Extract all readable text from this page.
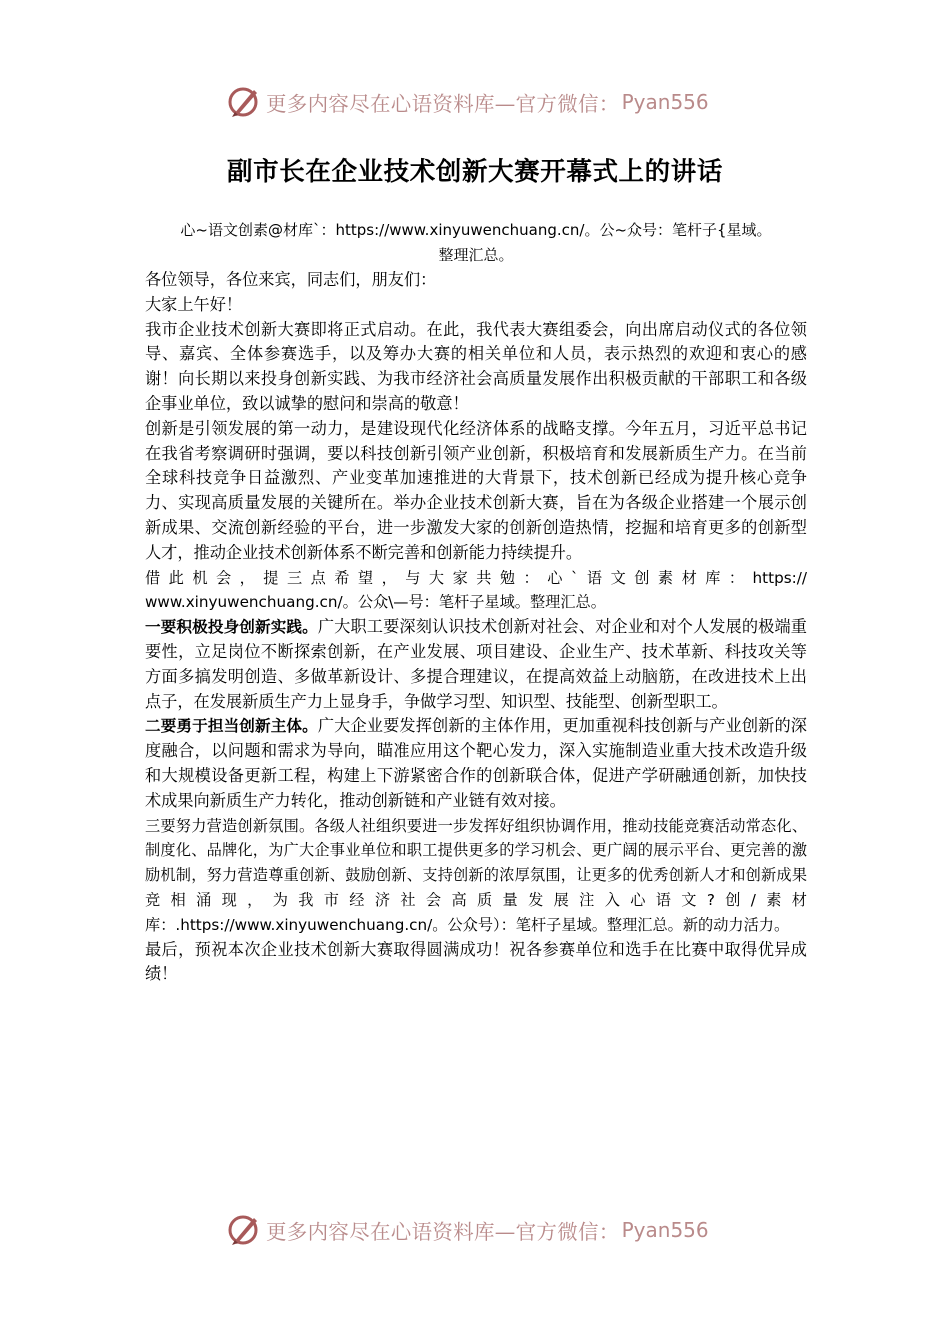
更多内容尽在心语资料库—官方微信： Pyan556
副市长在企业技术创新大赛开幕式上的讲话
心~语文创素@材库`：https://www.xinyuwenchuang.cn/。公~众号：笔杆子{星域。
整理汇总。

各位领导，各位来宾，同志们，朋友们：

大家上午好！

我市企业技术创新大赛即将正式启动。在此，我代表大赛组委会，向出席启动仪式的各位领导、嘉宾、全体参赛选手，以及筹办大赛的相关单位和人员，表示热烈的欢迎和衷心的感谢！向长期以来投身创新实践、为我市经济社会高质量发展作出积极贡献的干部职工和各级企事业单位，致以诚挚的慰问和崇高的敬意！

创新是引领发展的第一动力，是建设现代化经济体系的战略支撑。今年五月，习近平总书记在我省考察调研时强调，要以科技创新引领产业创新，积极培育和发展新质生产力。在当前全球科技竞争日益激烈、产业变革加速推进的大背景下，技术创新已经成为提升核心竞争力、实现高质量发展的关键所在。举办企业技术创新大赛，旨在为各级企业搭建一个展示创新成果、交流创新经验的平台，进一步激发大家的创新创造热情，挖掘和培育更多的创新型人才，推动企业技术创新体系不断完善和创新能力持续提升。

借此机会，提三点希望，与大家共勉：心`语文创素材库：https://

www.xinyuwenchuang.cn/。公众\—号：笔杆子星域。整理汇总。

一要积极投身创新实践。广大职工要深刻认识技术创新对社会、对企业和对个人发展的极端重要性，立足岗位不断探索创新，在产业发展、项目建设、企业生产、技术革新、科技攻关等方面多搞发明创造、多做革新设计、多提合理建议，在提高效益上动脑筋，在改进技术上出点子，在发展新质生产力上显身手，争做学习型、知识型、技能型、创新型职工。

二要勇于担当创新主体。广大企业要发挥创新的主体作用，更加重视科技创新与产业创新的深度融合，以问题和需求为导向，瞄准应用这个靶心发力，深入实施制造业重大技术改造升级和大规模设备更新工程，构建上下游紧密合作的创新联合体，促进产学研融通创新，加快技术成果向新质生产力转化，推动创新链和产业链有效对接。

三要努力营造创新氛围。各级人社组织要进一步发挥好组织协调作用，推动技能竞赛活动常态化、制度化、品牌化，为广大企事业单位和职工提供更多的学习机会、更广阔的展示平台、更完善的激励机制，努力营造尊重创新、鼓励创新、支持创新的浓厚氛围，让更多的优秀创新人才和创新成果竞相涌现，为我市经济社会高质量发展注入心语文?创/素材库：.https://www.xinyuwenchuang.cn/。公众号）：笔杆子星域。整理汇总。新的动力活力。

最后，预祝本次企业技术创新大赛取得圆满成功！祝各参赛单位和选手在比赛中取得优异成绩！

更多内容尽在心语资料库—官方微信： Pyan556
